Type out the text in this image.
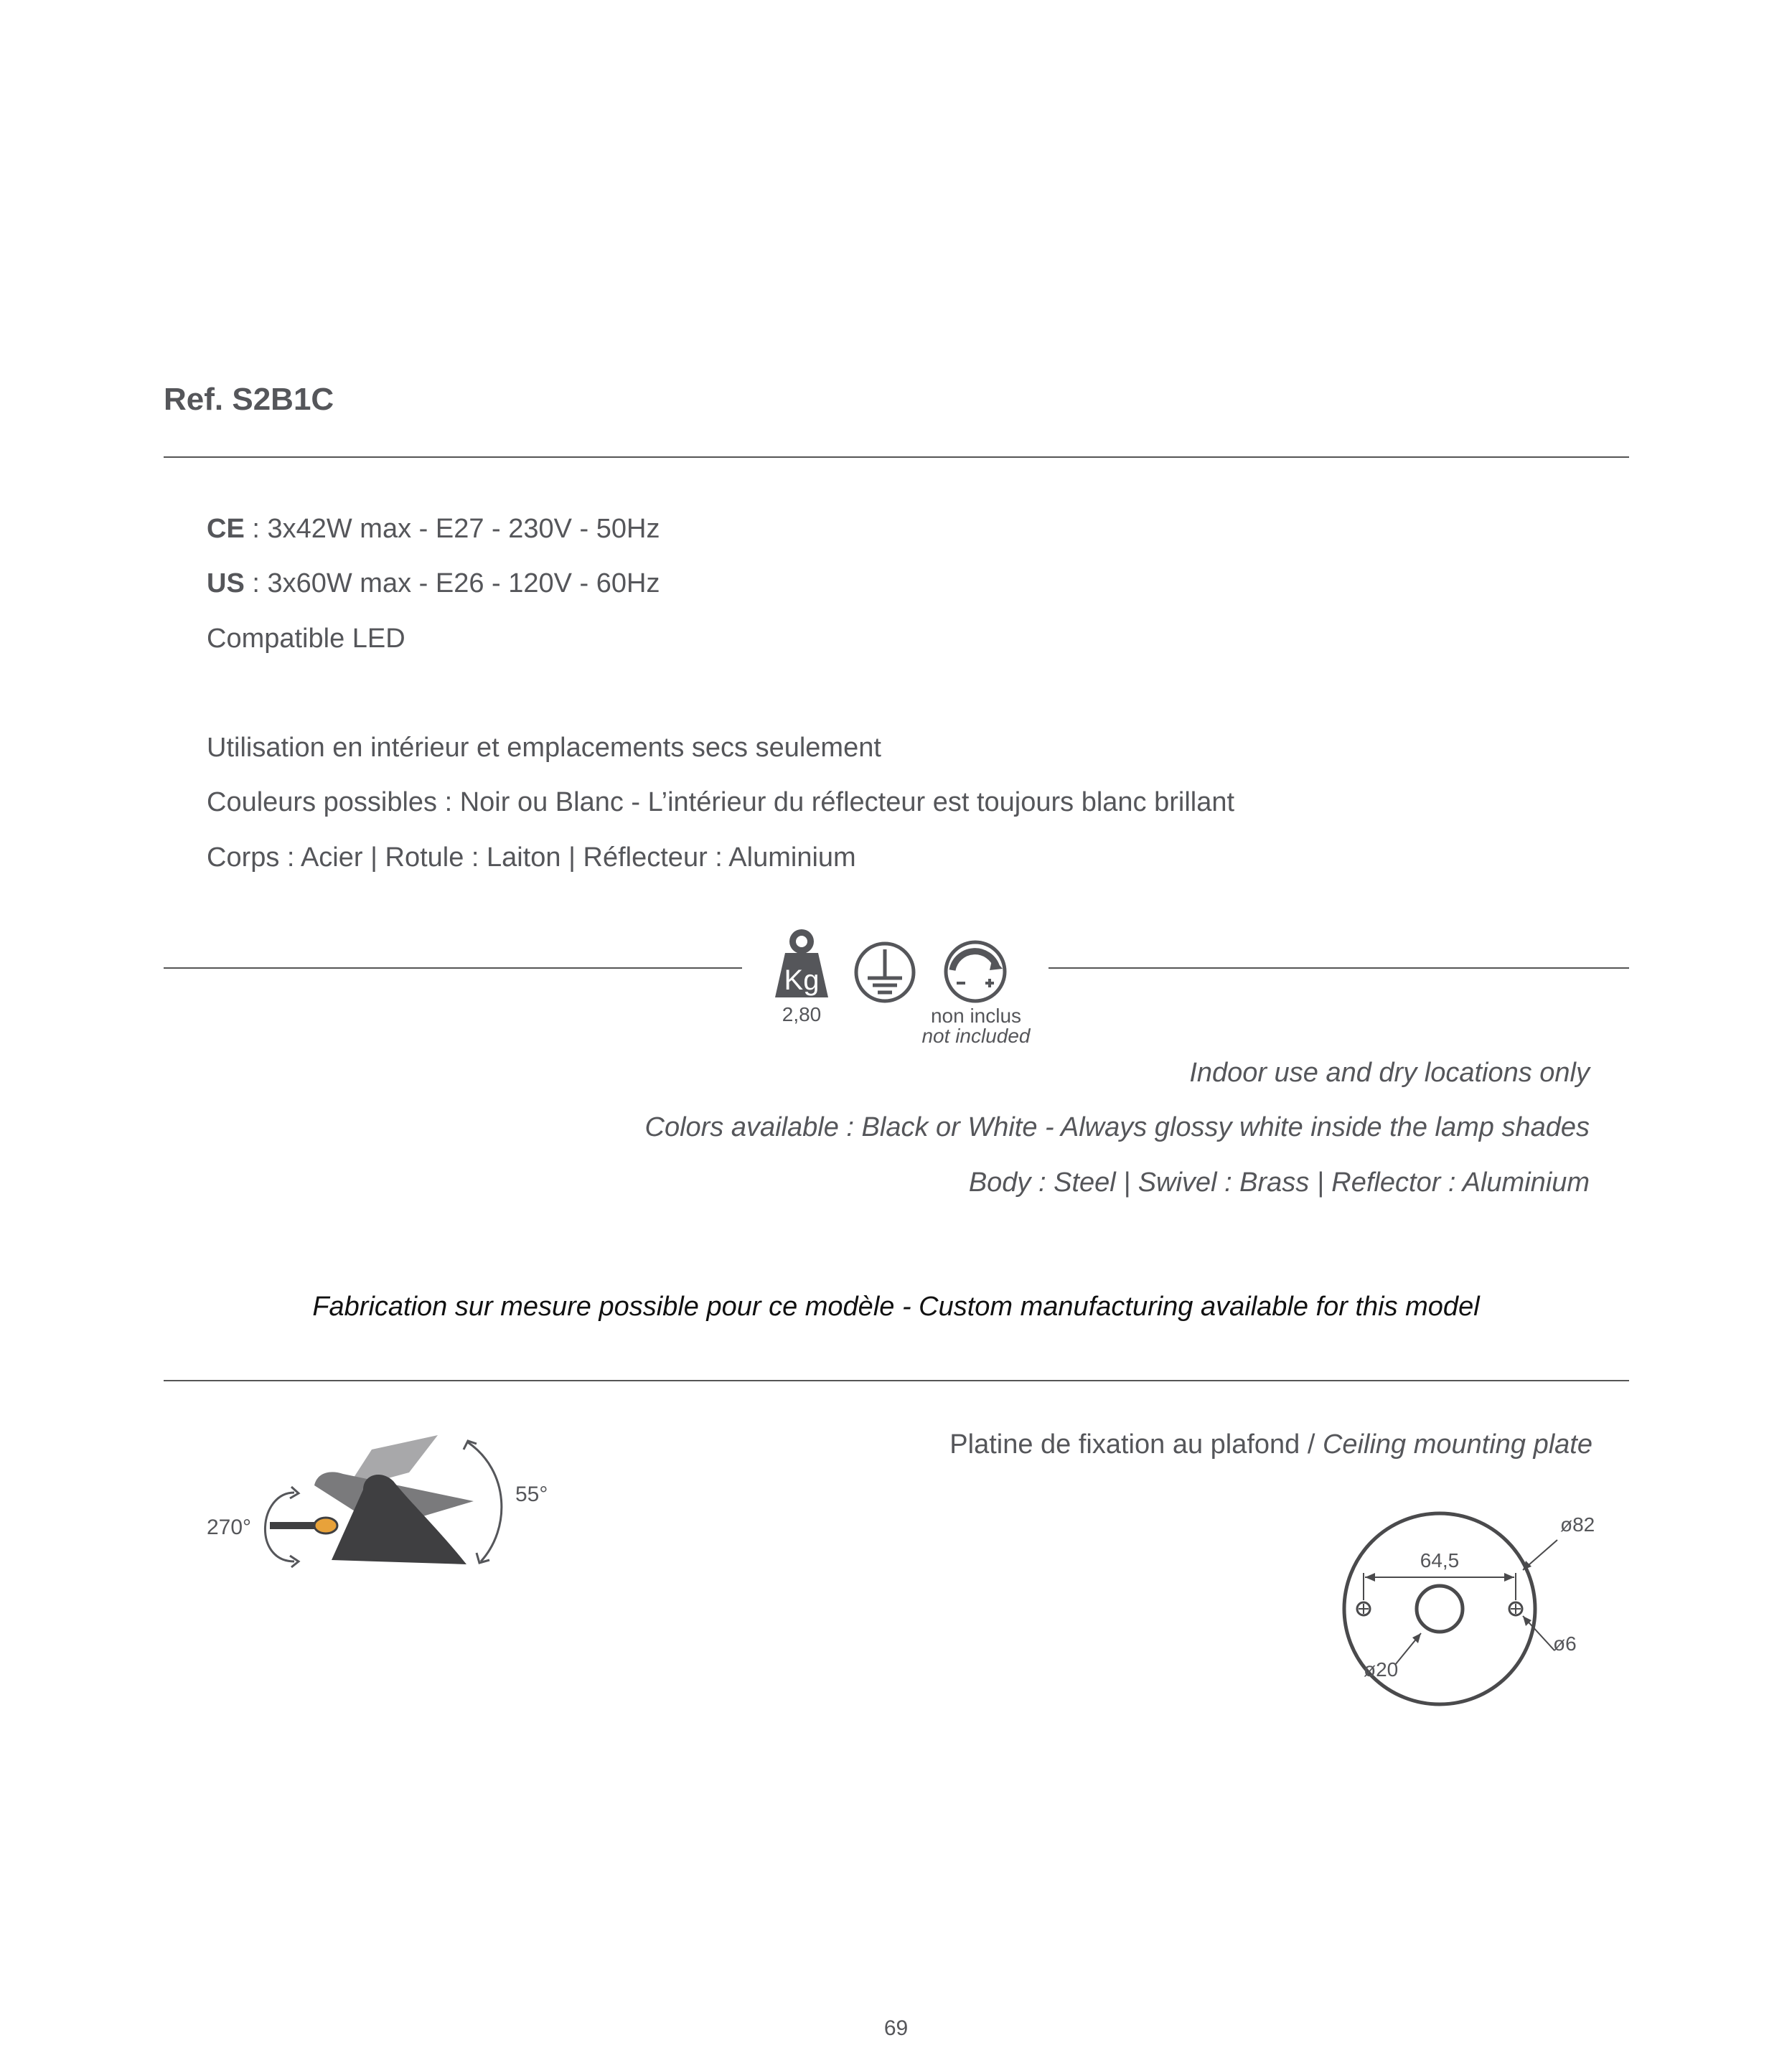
Ref. S2B1C
CE : 3x42W max - E27 - 230V - 50Hz
US : 3x60W max - E26 - 120V - 60Hz
Compatible LED
Utilisation en intérieur et emplacements secs seulement
Couleurs possibles : Noir ou Blanc - L’intérieur du réflecteur est toujours blanc brillant
Corps : Acier | Rotule : Laiton | Réflecteur : Aluminium
Kg
2,80	non inclus
not included
Indoor use and dry locations only
Colors available : Black or White - Always glossy white inside the lamp shades
Body : Steel | Swivel : Brass | Reflector : Aluminium
Fabrication sur mesure possible pour ce modèle - Custom manufacturing available for this model
270°
55°
Platine de fixation au plafond / Ceiling mounting plate
64,5
ø82
ø6
ø20
69
